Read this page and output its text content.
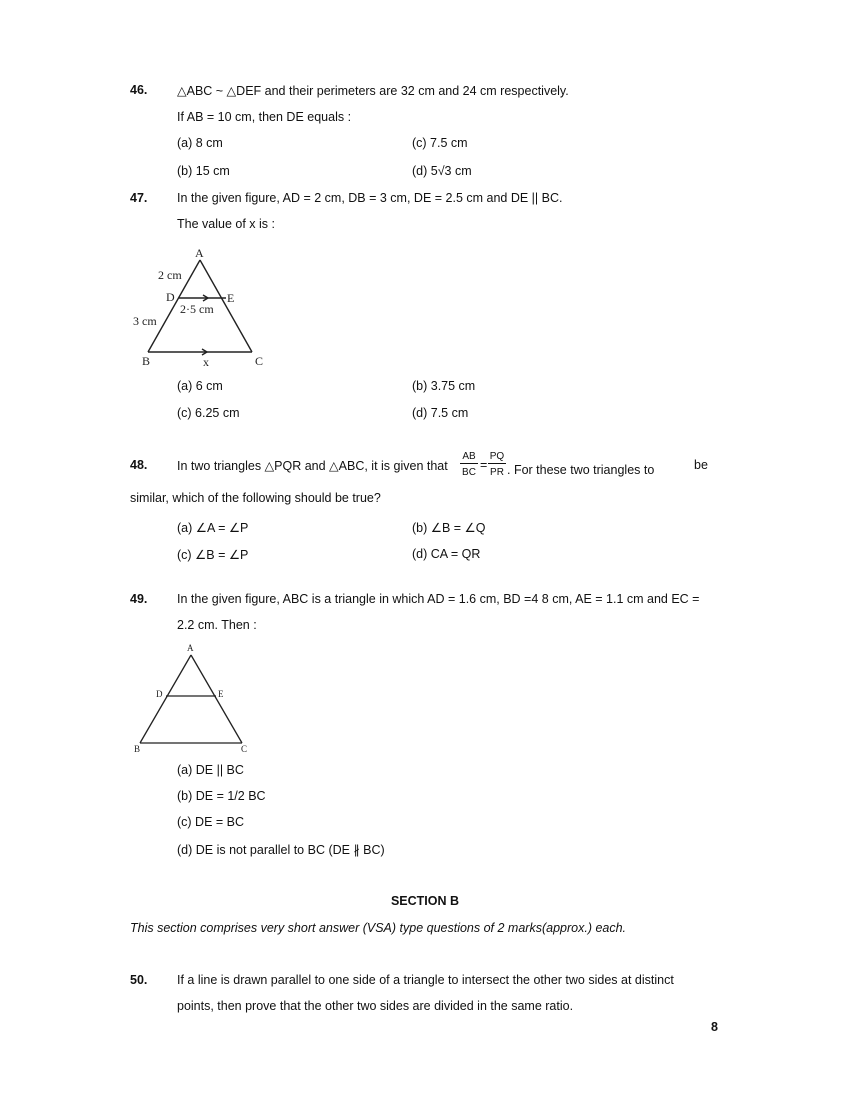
46. △ABC ~ △DEF and their perimeters are 32 cm and 24 cm respectively.
If AB = 10 cm, then DE equals :
(a) 8 cm	(c) 7.5 cm
(b) 15 cm	(d) 5√3 cm
47. In the given figure, AD = 2 cm, DB = 3 cm, DE = 2.5 cm and DE || BC.
The value of x is :
A
D	E
B	C
2 cm
3 cm
2·5 cm
x
(a) 6 cm	(b) 3.75 cm
(c) 6.25 cm	(d) 7.5 cm
48. In two triangles △PQR and △ABC, it is given that $\frac{AB}{BC} = \frac{PQ}{PR}$ . For these two triangles to	be
similar, which of the following should be true?
(a) ∠A = ∠P	(b) ∠B = ∠Q
(c) ∠B = ∠P	(d) CA = QR
49. In the given figure, ABC is a triangle in which AD = 1.6 cm, BD =4 8 cm, AE = 1.1 cm and EC =
2.2 cm. Then :
A
D	E
B	C
(a) DE || BC
(b) DE = 1/2 BC
(c) DE = BC
(d) DE is not parallel to BC (DE ∦ BC)
SECTION B
This section comprises very short answer (VSA) type questions of 2 marks(approx.) each.
50. If a line is drawn parallel to one side of a triangle to intersect the other two sides at distinct
points, then prove that the other two sides are divided in the same ratio.
8
